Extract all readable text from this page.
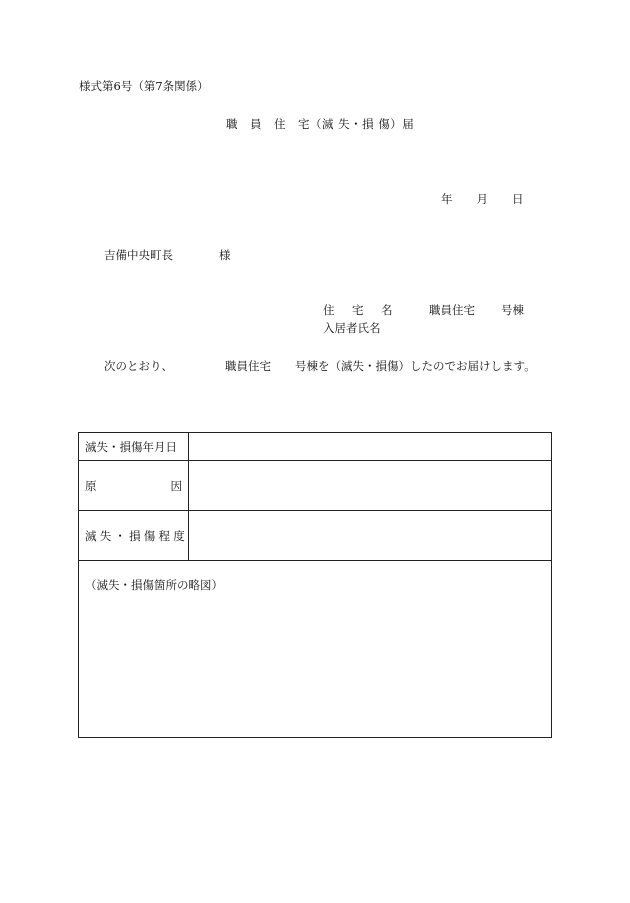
様式第6号（第7条関係）
職　員　住　宅（滅 失・損 傷）届
年 月 日
吉備中央町長	様
住　宅　名	職員住宅 号棟
入居者氏名
次のとおり、	職員住宅 号棟を（滅失・損傷）したのでお届けします。
滅失・損傷年月日	

原 因	

滅失・損傷程度	

（滅失・損傷箇所の略図）	
